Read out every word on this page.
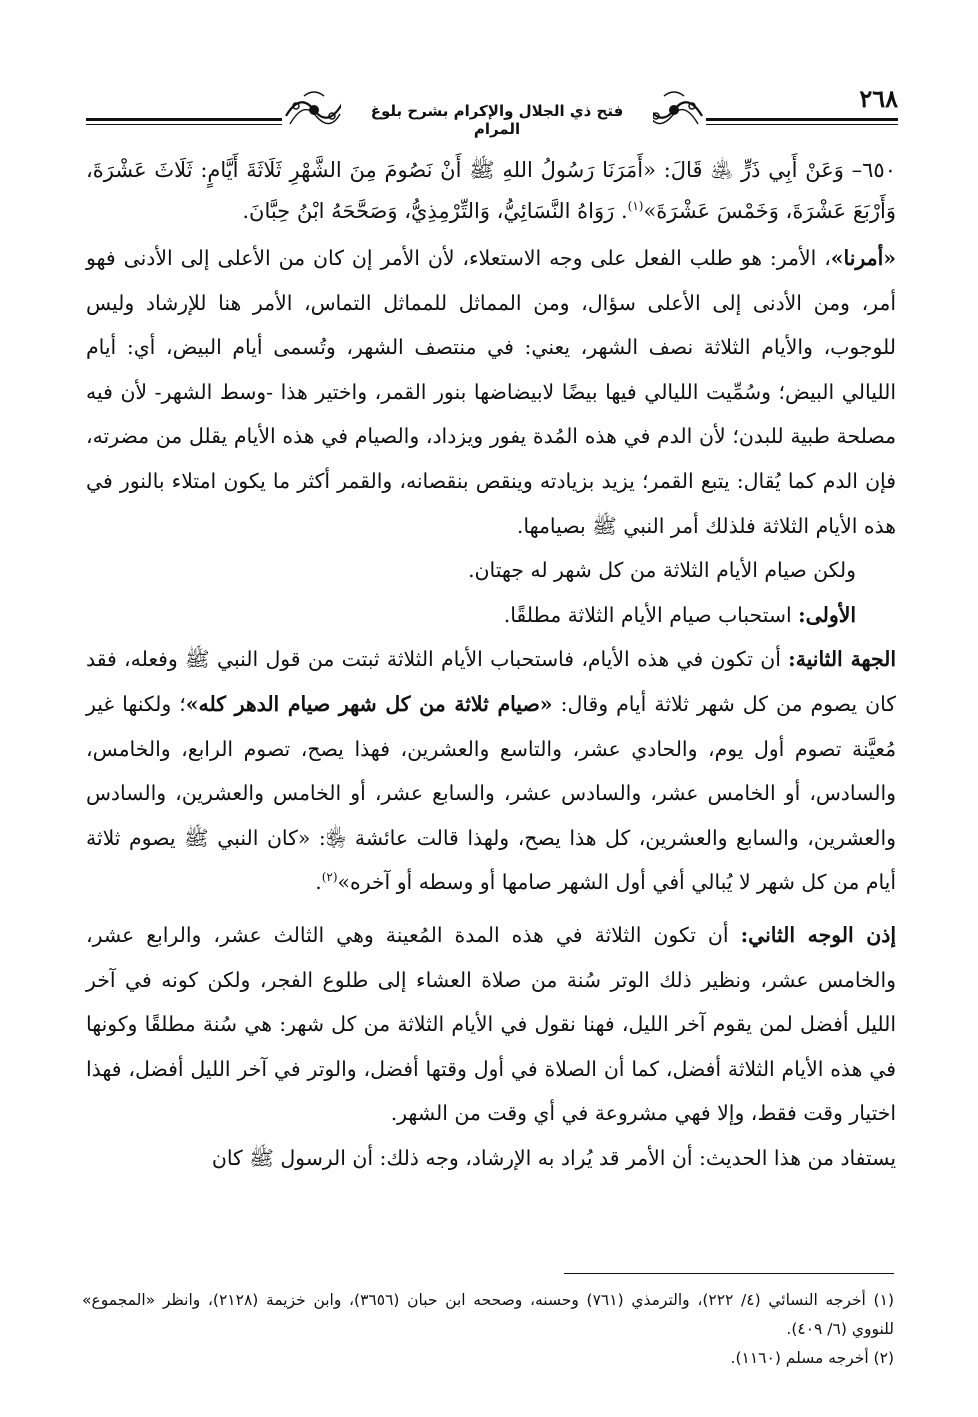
٢٦٨
فتح ذي الجلال والإكرام بشرح بلوغ المرام

٦٥٠– وَعَنْ أَبِي ذَرٍّ ﵁ قَالَ: «أَمَرَنَا رَسُولُ اللهِ ﷺ أَنْ نَصُومَ مِنَ الشَّهْرِ ثَلَاثَةَ أَيَّامٍ: ثَلَاثَ عَشْرَةَ، وَأَرْبَعَ عَشْرَةَ، وَخَمْسَ عَشْرَةَ»$^{(١)}$. رَوَاهُ النَّسَائِيُّ، وَالتِّرْمِذِيُّ، وَصَحَّحَهُ ابْنُ حِبَّانَ.

«أمرنا»، الأمر: هو طلب الفعل على وجه الاستعلاء، لأن الأمر إن كان من الأعلى إلى الأدنى فهو أمر، ومن الأدنى إلى الأعلى سؤال، ومن المماثل للمماثل التماس، الأمر هنا للإرشاد وليس للوجوب، والأيام الثلاثة نصف الشهر، يعني: في منتصف الشهر، وتُسمى أيام البيض، أي: أيام الليالي البيض؛ وسُمِّيت الليالي فيها بيضًا لابيضاضها بنور القمر، واختير هذا -وسط الشهر- لأن فيه مصلحة طبية للبدن؛ لأن الدم في هذه المُدة يفور ويزداد، والصيام في هذه الأيام يقلل من مضرته، فإن الدم كما يُقال: يتبع القمر؛ يزيد بزيادته وينقص بنقصانه، والقمر أكثر ما يكون امتلاء بالنور في هذه الأيام الثلاثة فلذلك أمر النبي ﷺ بصيامها.

ولكن صيام الأيام الثلاثة من كل شهر له جهتان.

الأولى: استحباب صيام الأيام الثلاثة مطلقًا.

الجهة الثانية: أن تكون في هذه الأيام، فاستحباب الأيام الثلاثة ثبتت من قول النبي ﷺ وفعله، فقد كان يصوم من كل شهر ثلاثة أيام وقال: «صيام ثلاثة من كل شهر صيام الدهر كله»؛ ولكنها غير مُعيَّنة تصوم أول يوم، والحادي عشر، والتاسع والعشرين، فهذا يصح، تصوم الرابع، والخامس، والسادس، أو الخامس عشر، والسادس عشر، والسابع عشر، أو الخامس والعشرين، والسادس والعشرين، والسابع والعشرين، كل هذا يصح، ولهذا قالت عائشة ﵂: «كان النبي ﷺ يصوم ثلاثة أيام من كل شهر لا يُبالي أفي أول الشهر صامها أو وسطه أو آخره»$^{(٢)}$.

إذن الوجه الثاني: أن تكون الثلاثة في هذه المدة المُعينة وهي الثالث عشر، والرابع عشر، والخامس عشر، ونظير ذلك الوتر سُنة من صلاة العشاء إلى طلوع الفجر، ولكن كونه في آخر الليل أفضل لمن يقوم آخر الليل، فهنا نقول في الأيام الثلاثة من كل شهر: هي سُنة مطلقًا وكونها في هذه الأيام الثلاثة أفضل، كما أن الصلاة في أول وقتها أفضل، والوتر في آخر الليل أفضل، فهذا اختيار وقت فقط، وإلا فهي مشروعة في أي وقت من الشهر.

يستفاد من هذا الحديث: أن الأمر قد يُراد به الإرشاد، وجه ذلك: أن الرسول ﷺ كان

(١) أخرجه النسائي (٤/ ٢٢٢)، والترمذي (٧٦١) وحسنه، وصححه ابن حبان (٣٦٥٦)، وابن خزيمة (٢١٢٨)، وانظر «المجموع» للنووي (٦/ ٤٠٩).

(٢) أخرجه مسلم (١١٦٠).
